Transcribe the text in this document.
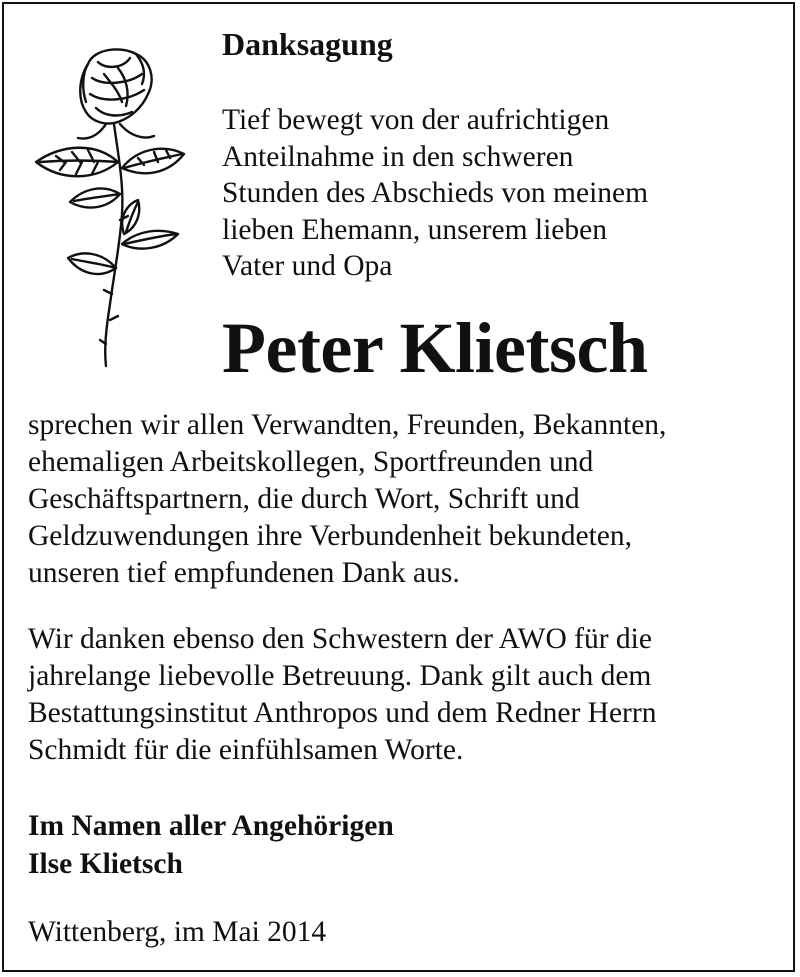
Danksagung

Tief bewegt von der aufrichtigen
Anteilnahme in den schweren
Stunden des Abschieds von meinem
lieben Ehemann, unserem lieben
Vater und Opa

Peter Klietsch

sprechen wir allen Verwandten, Freunden, Bekannten,
ehemaligen Arbeitskollegen, Sportfreunden und
Geschäftspartnern, die durch Wort, Schrift und
Geldzuwendungen ihre Verbundenheit bekundeten,
unseren tief empfundenen Dank aus.

Wir danken ebenso den Schwestern der AWO für die
jahrelange liebevolle Betreuung. Dank gilt auch dem
Bestattungsinstitut Anthropos und dem Redner Herrn
Schmidt für die einfühlsamen Worte.

Im Namen aller Angehörigen
Ilse Klietsch

Wittenberg, im Mai 2014
